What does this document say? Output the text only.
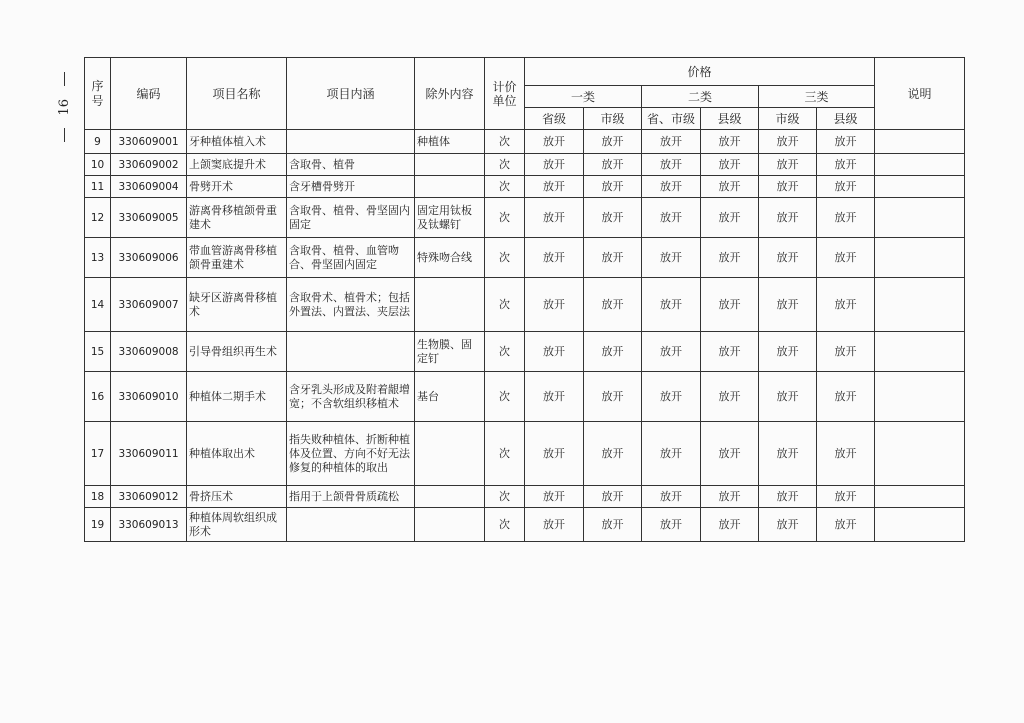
16
序号	编码	项目名称	项目内涵	除外内容	计价单位	价格						说明
						一类		二类		三类		
						省级	市级	省、市级	县级	市级	县级	
9	330609001	牙种植体植入术		种植体	次	放开	放开	放开	放开	放开	放开	
10	330609002	上颌窦底提升术	含取骨、植骨		次	放开	放开	放开	放开	放开	放开	
11	330609004	骨劈开术	含牙槽骨劈开		次	放开	放开	放开	放开	放开	放开	
12	330609005	游离骨移植颌骨重建术	含取骨、植骨、骨坚固内固定	固定用钛板及钛螺钉	次	放开	放开	放开	放开	放开	放开	
13	330609006	带血管游离骨移植颌骨重建术	含取骨、植骨、血管吻合、骨坚固内固定	特殊吻合线	次	放开	放开	放开	放开	放开	放开	
14	330609007	缺牙区游离骨移植术	含取骨术、植骨术；包括外置法、内置法、夹层法		次	放开	放开	放开	放开	放开	放开	
15	330609008	引导骨组织再生术		生物膜、固定钉	次	放开	放开	放开	放开	放开	放开	
16	330609010	种植体二期手术	含牙乳头形成及附着龈增宽；不含软组织移植术	基台	次	放开	放开	放开	放开	放开	放开	
17	330609011	种植体取出术	指失败种植体、折断种植体及位置、方向不好无法修复的种植体的取出		次	放开	放开	放开	放开	放开	放开	
18	330609012	骨挤压术	指用于上颌骨骨质疏松		次	放开	放开	放开	放开	放开	放开	
19	330609013	种植体周软组织成形术			次	放开	放开	放开	放开	放开	放开	
